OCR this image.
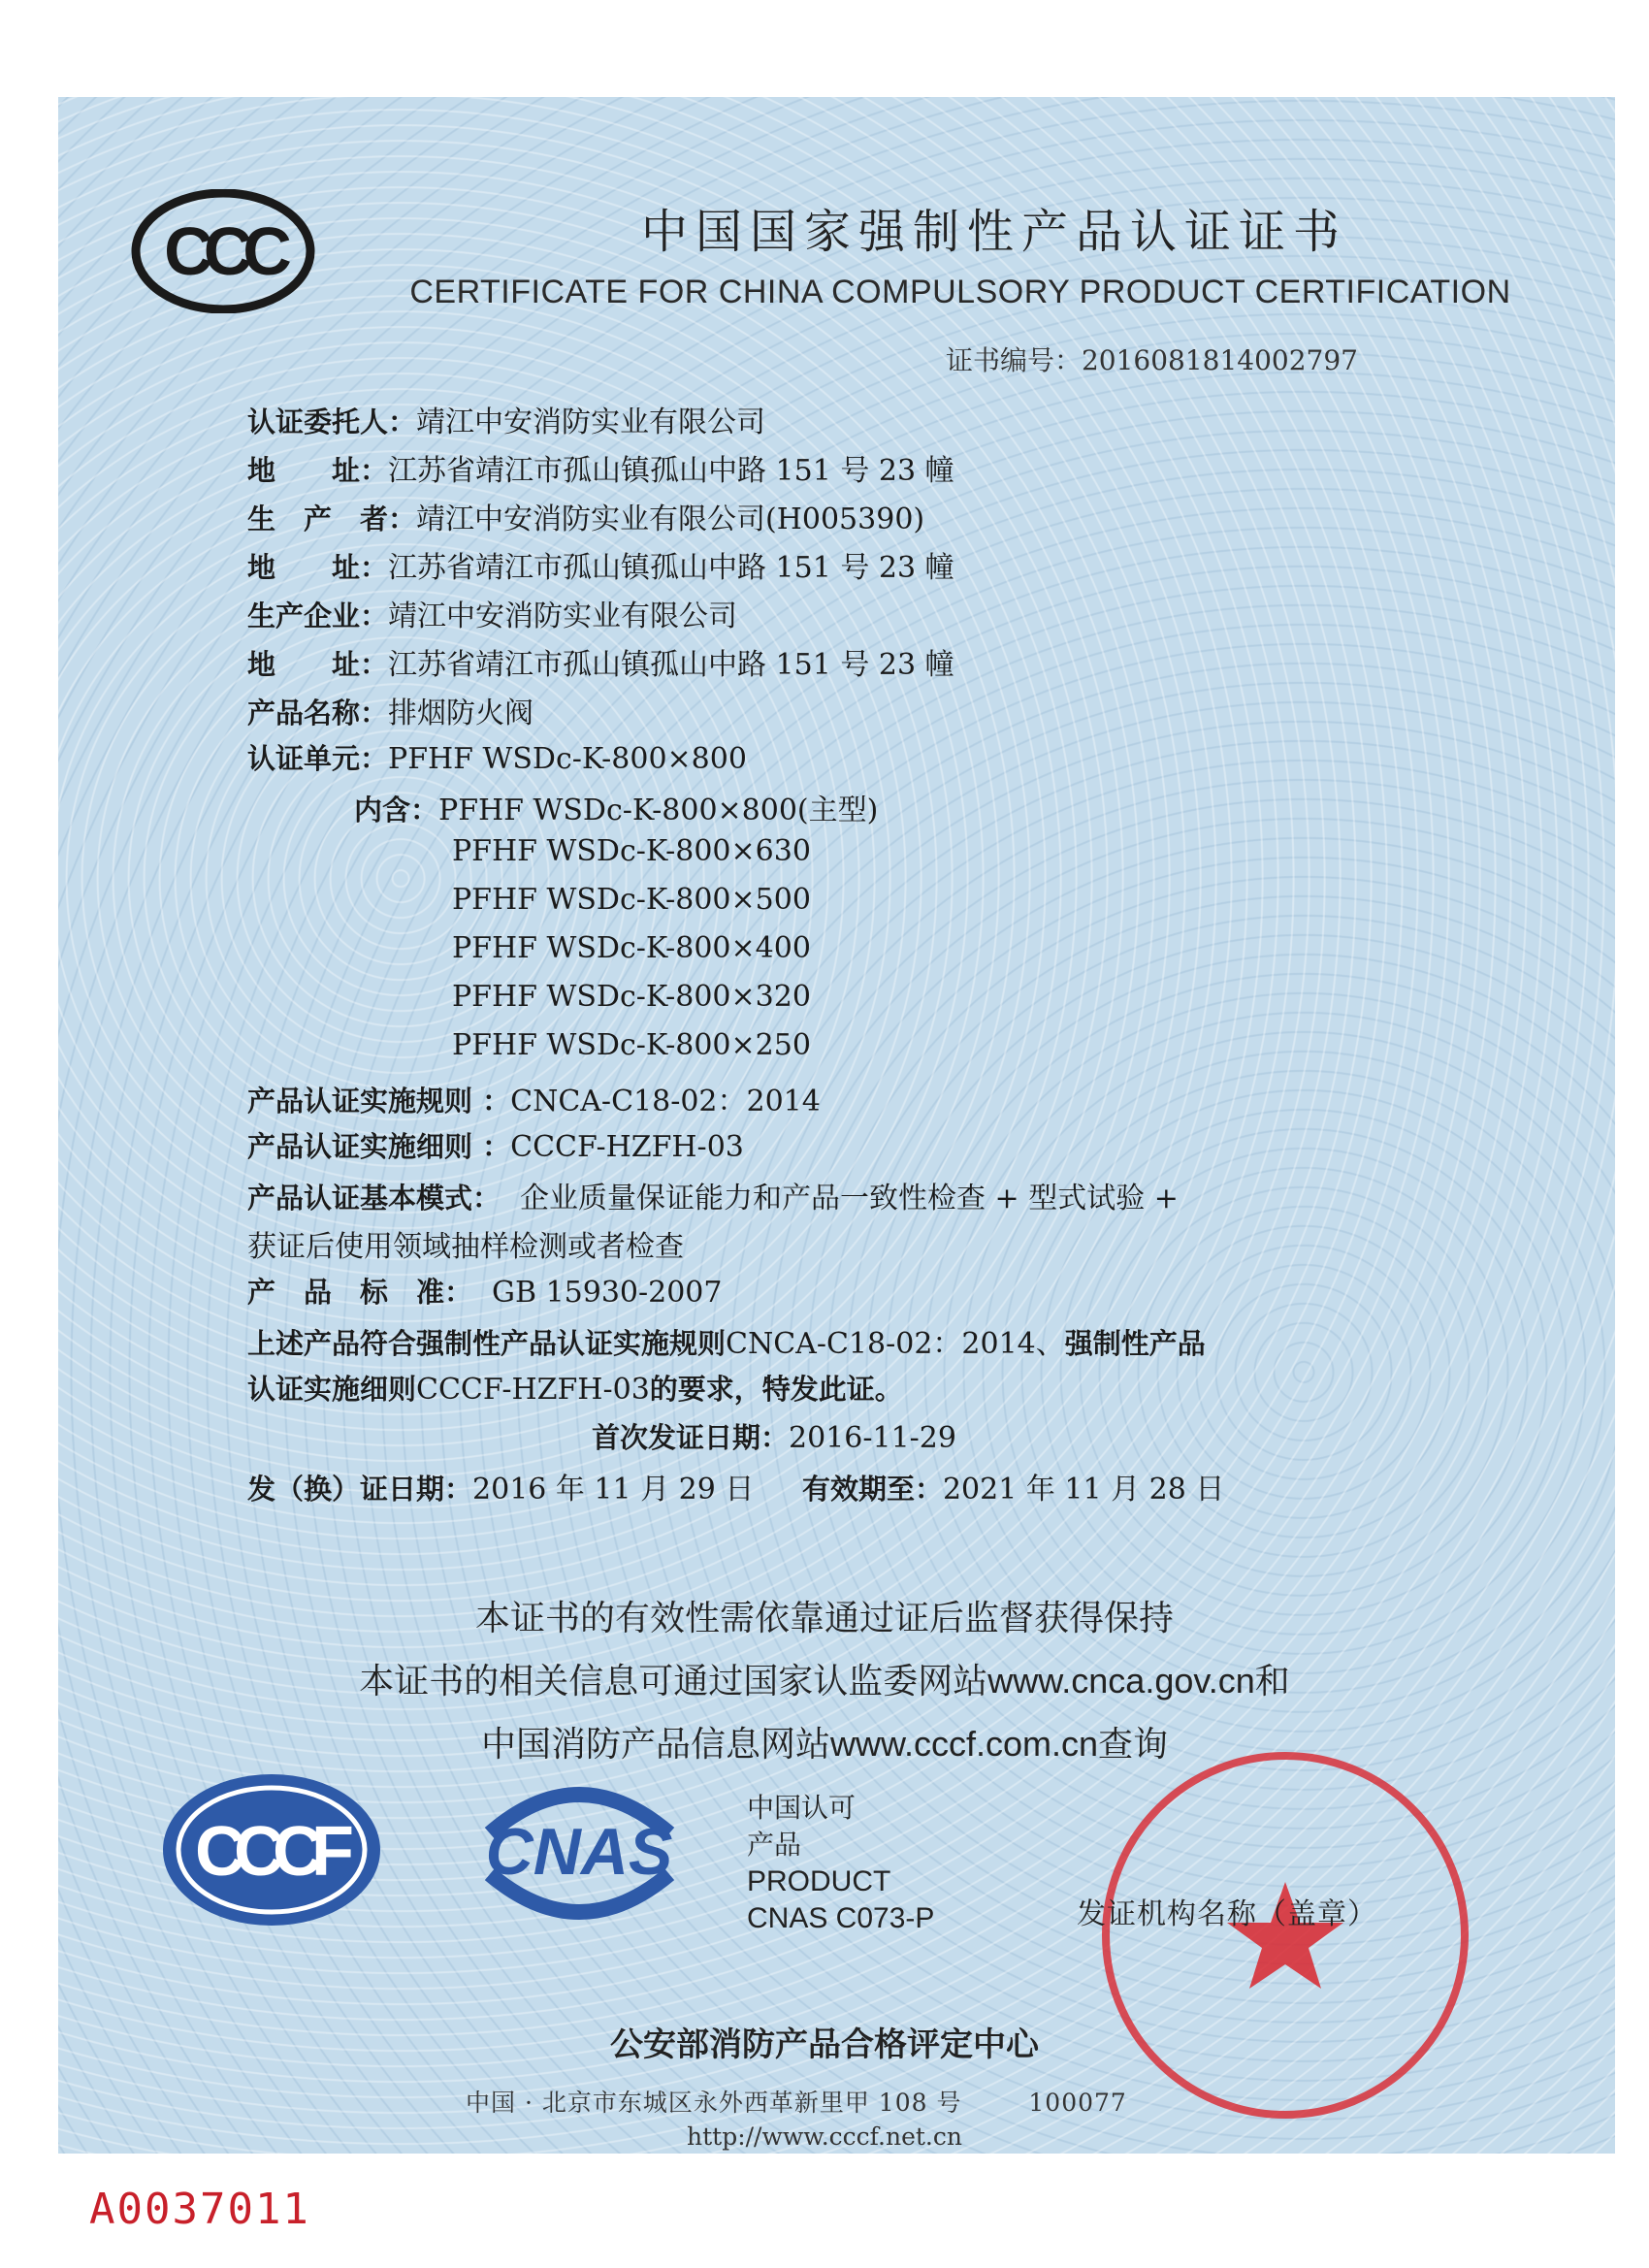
CCC	中国国家强制性产品认证证书
CERTIFICATE FOR CHINA COMPULSORY PRODUCT CERTIFICATION
证书编号：2016081814002797
认证委托人：靖江中安消防实业有限公司
地　　址：江苏省靖江市孤山镇孤山中路 151 号 23 幢
生　产　者：靖江中安消防实业有限公司(H005390)
地　　址：江苏省靖江市孤山镇孤山中路 151 号 23 幢
生产企业：靖江中安消防实业有限公司
地　　址：江苏省靖江市孤山镇孤山中路 151 号 23 幢
产品名称：排烟防火阀
认证单元：PFHF WSDc-K-800×800
内含：PFHF WSDc-K-800×800(主型)
PFHF WSDc-K-800×630
PFHF WSDc-K-800×500
PFHF WSDc-K-800×400
PFHF WSDc-K-800×320
PFHF WSDc-K-800×250
产品认证实施规则 ：CNCA-C18-02：2014
产品认证实施细则 ：CCCF-HZFH-03
产品认证基本模式： 企业质量保证能力和产品一致性检查 + 型式试验 +
获证后使用领域抽样检测或者检查
产　品　标　准： GB 15930-2007
上述产品符合强制性产品认证实施规则CNCA-C18-02：2014、强制性产品
认证实施细则CCCF-HZFH-03的要求，特发此证。
首次发证日期：2016-11-29
发（换）证日期：2016 年 11 月 29 日 有效期至：2021 年 11 月 28 日
本证书的有效性需依靠通过证后监督获得保持
本证书的相关信息可通过国家认监委网站www.cnca.gov.cn和
中国消防产品信息网站www.cccf.com.cn查询
CCCF CNAS
中国认可
产品
PRODUCT
CNAS C073-P	发证机构名称（盖章）
公安部消防产品合格评定中心
中国 · 北京市东城区永外西革新里甲 108 号	100077
http://www.cccf.net.cn
A0037011
